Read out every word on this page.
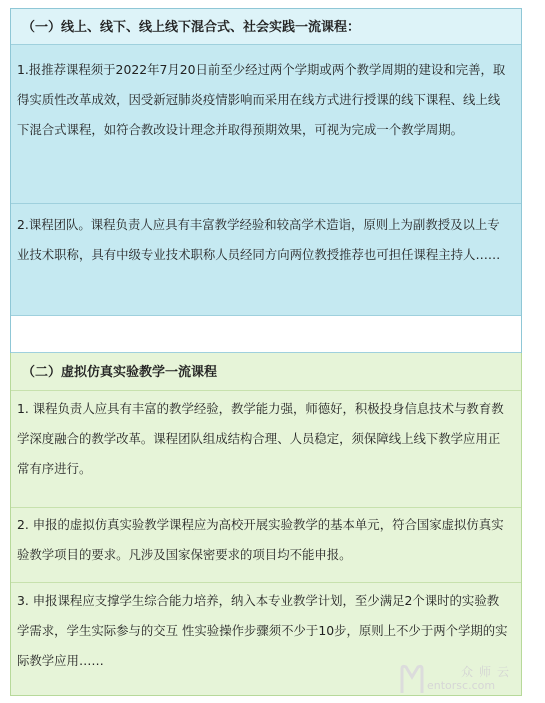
（一）线上、线下、线上线下混合式、社会实践一流课程：
1.报推荐课程须于2022年7月20日前至少经过两个学期或两个教学周期的建设和完善，取得实质性改革成效，因受新冠肺炎疫情影响而采用在线方式进行授课的线下课程、线上线下混合式课程，如符合教改设计理念并取得预期效果，可视为完成一个教学周期。
2.课程团队。课程负责人应具有丰富教学经验和较高学术造诣，原则上为副教授及以上专业技术职称，具有中级专业技术职称人员经同方向两位教授推荐也可担任课程主持人……
（二）虚拟仿真实验教学一流课程
1. 课程负责人应具有丰富的教学经验，教学能力强，师德好，积极投身信息技术与教育教学深度融合的教学改革。课程团队组成结构合理、人员稳定，须保障线上线下教学应用正常有序进行。
2. 申报的虚拟仿真实验教学课程应为高校开展实验教学的基本单元，符合国家虚拟仿真实验教学项目的要求。凡涉及国家保密要求的项目均不能申报。
3. 申报课程应支撑学生综合能力培养，纳入本专业教学计划，至少满足2个课时的实验教学需求，学生实际参与的交互 性实验操作步骤须不少于10步，原则上不少于两个学期的实际教学应用……
众师云
entorsc.com
